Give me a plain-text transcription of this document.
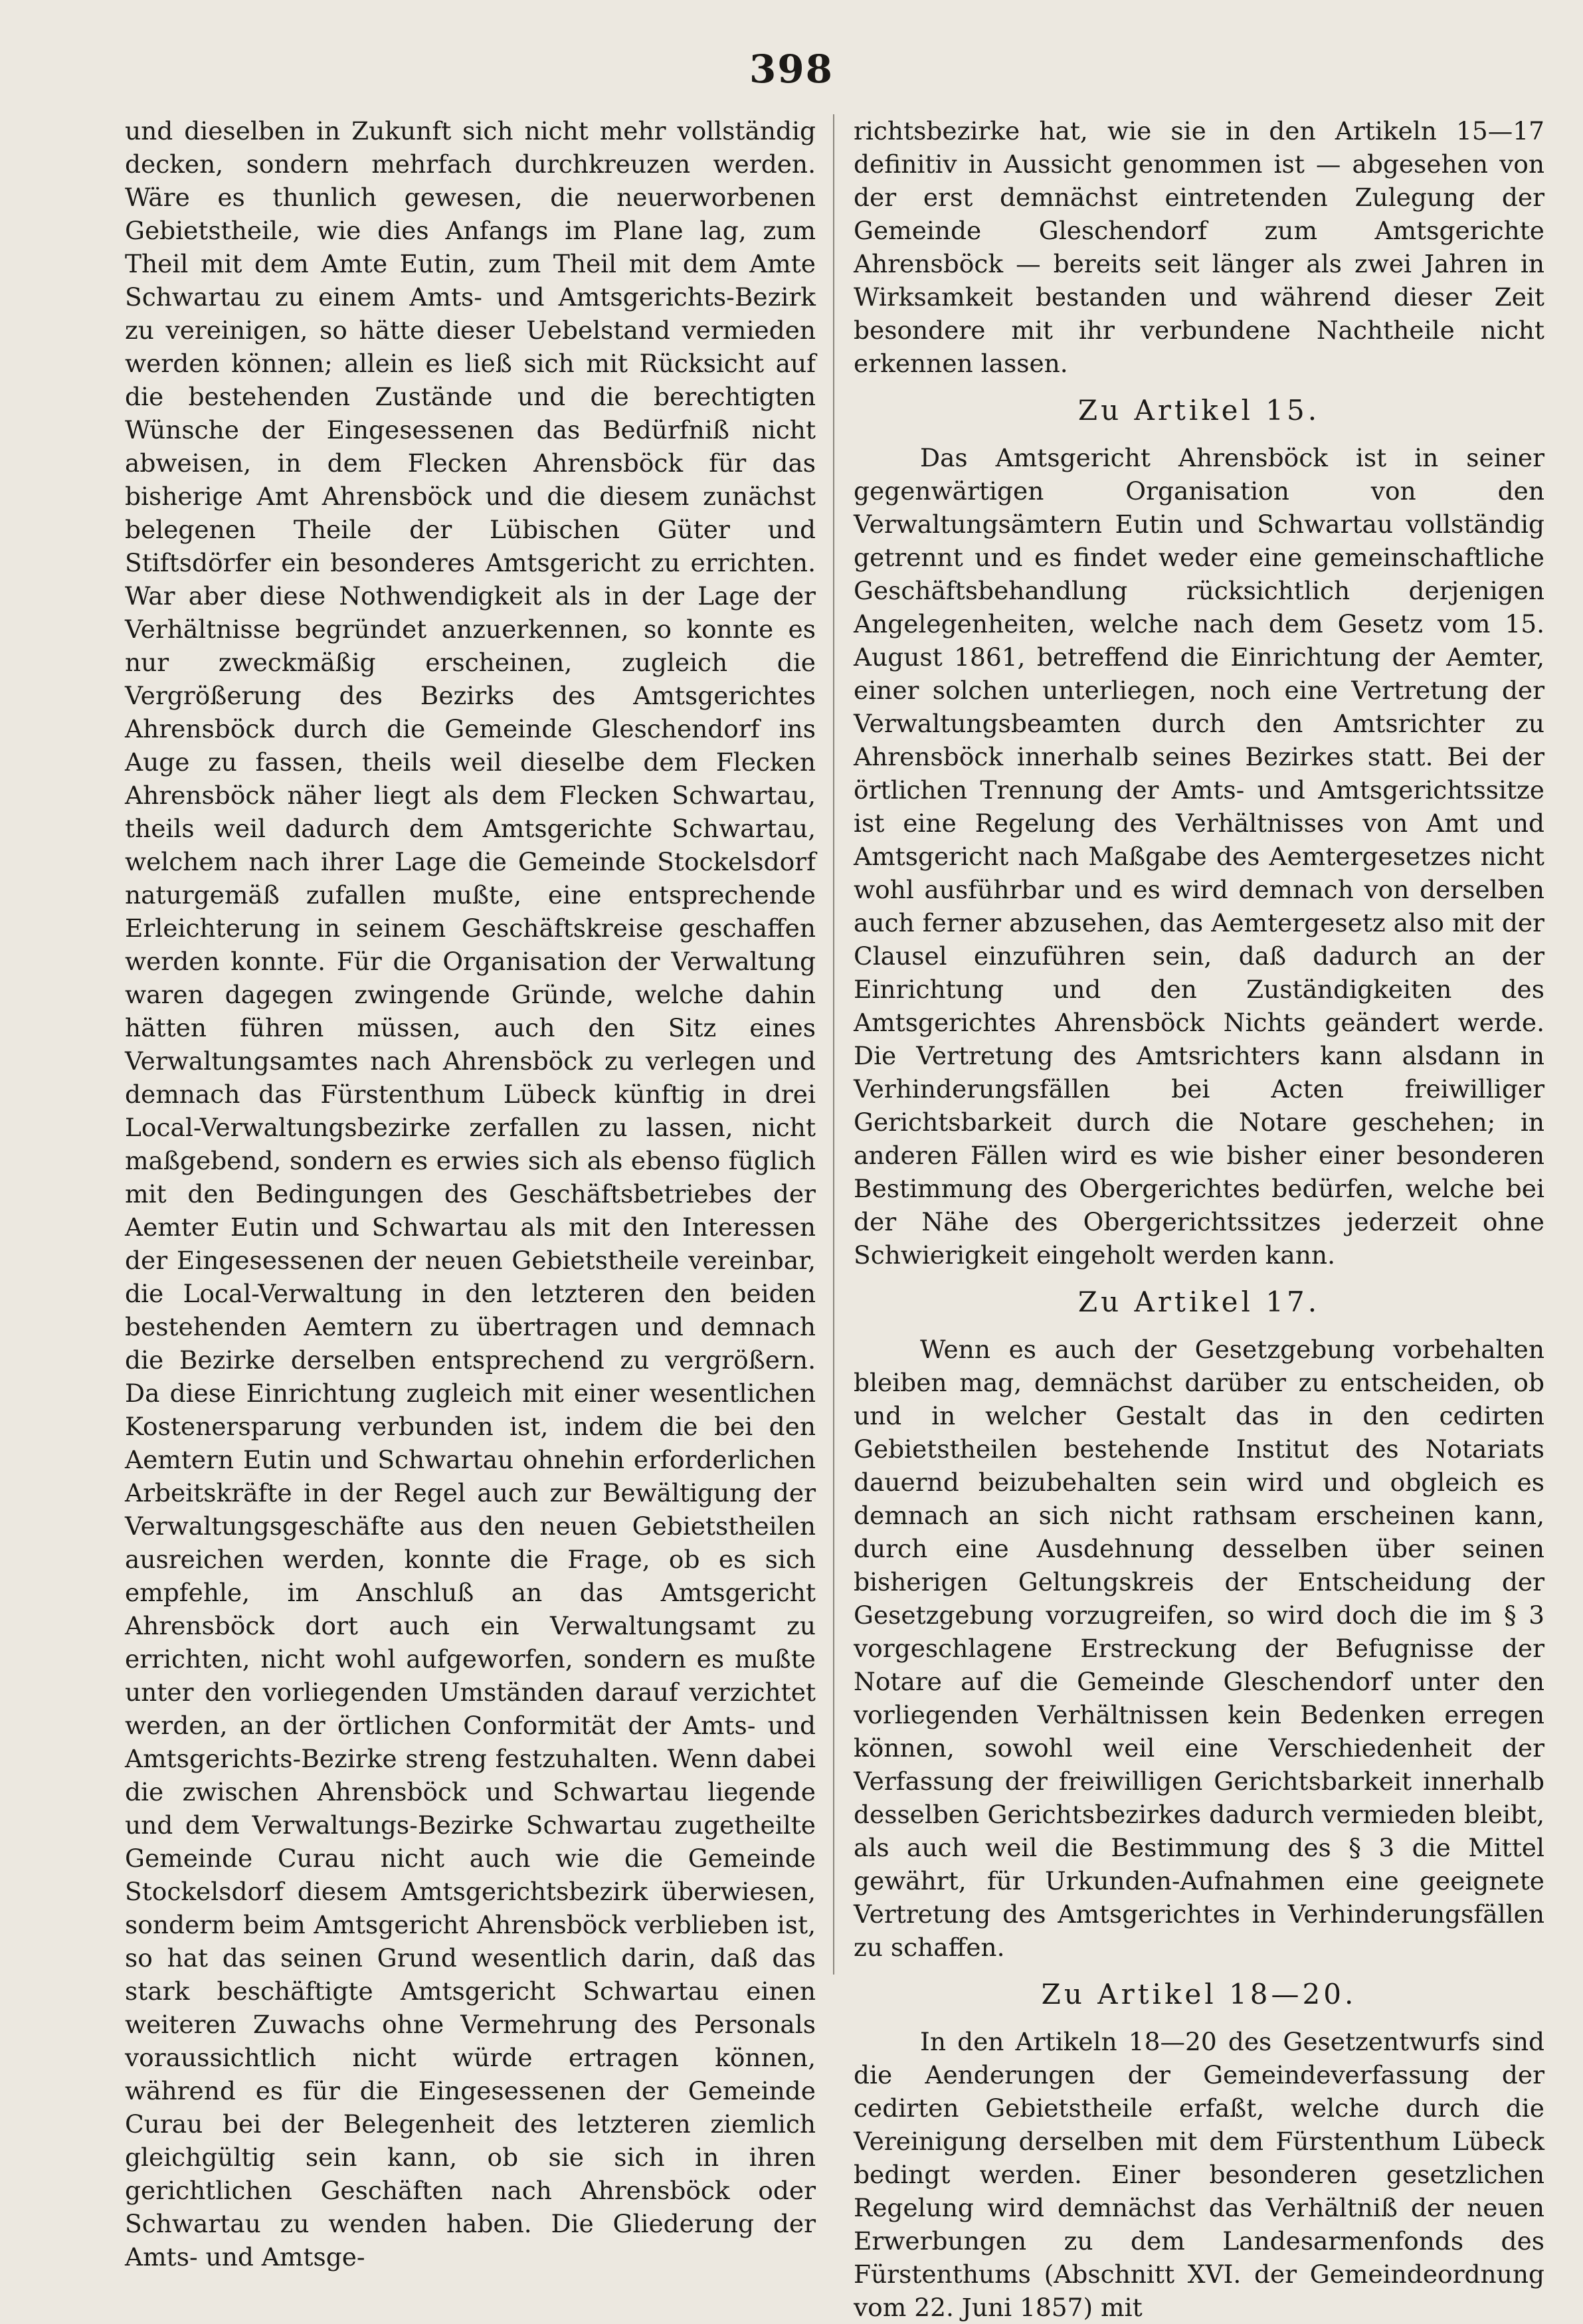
398

und dieselben in Zukunft sich nicht mehr vollständig decken, sondern mehrfach durchkreuzen werden. Wäre es thunlich gewesen, die neuerworbenen Gebietstheile, wie dies Anfangs im Plane lag, zum Theil mit dem Amte Eutin, zum Theil mit dem Amte Schwartau zu einem Amts- und Amtsgerichts-Bezirk zu vereinigen, so hätte dieser Uebelstand vermieden werden können; allein es ließ sich mit Rücksicht auf die bestehenden Zustände und die berechtigten Wünsche der Eingesessenen das Bedürfniß nicht abweisen, in dem Flecken Ahrensböck für das bisherige Amt Ahrensböck und die diesem zunächst belegenen Theile der Lübischen Güter und Stiftsdörfer ein besonderes Amtsgericht zu errichten. War aber diese Nothwendigkeit als in der Lage der Verhältnisse begründet anzuerkennen, so konnte es nur zweckmäßig erscheinen, zugleich die Vergrößerung des Bezirks des Amtsgerichtes Ahrensböck durch die Gemeinde Gleschendorf ins Auge zu fassen, theils weil dieselbe dem Flecken Ahrensböck näher liegt als dem Flecken Schwartau, theils weil dadurch dem Amtsgerichte Schwartau, welchem nach ihrer Lage die Gemeinde Stockelsdorf naturgemäß zufallen mußte, eine entsprechende Erleichterung in seinem Geschäftskreise geschaffen werden konnte. Für die Organisation der Verwaltung waren dagegen zwingende Gründe, welche dahin hätten führen müssen, auch den Sitz eines Verwaltungsamtes nach Ahrensböck zu verlegen und demnach das Fürstenthum Lübeck künftig in drei Local-Verwaltungsbezirke zerfallen zu lassen, nicht maßgebend, sondern es erwies sich als ebenso füglich mit den Bedingungen des Geschäftsbetriebes der Aemter Eutin und Schwartau als mit den Interessen der Eingesessenen der neuen Gebietstheile vereinbar, die Local-Verwaltung in den letzteren den beiden bestehenden Aemtern zu übertragen und demnach die Bezirke derselben entsprechend zu vergrößern. Da diese Einrichtung zugleich mit einer wesentlichen Kostenersparung verbunden ist, indem die bei den Aemtern Eutin und Schwartau ohnehin erforderlichen Arbeitskräfte in der Regel auch zur Bewältigung der Verwaltungsgeschäfte aus den neuen Gebietstheilen ausreichen werden, konnte die Frage, ob es sich empfehle, im Anschluß an das Amtsgericht Ahrensböck dort auch ein Verwaltungsamt zu errichten, nicht wohl aufgeworfen, sondern es mußte unter den vorliegenden Umständen darauf verzichtet werden, an der örtlichen Conformität der Amts- und Amtsgerichts-Bezirke streng festzuhalten. Wenn dabei die zwischen Ahrensböck und Schwartau liegende und dem Verwaltungs-Bezirke Schwartau zugetheilte Gemeinde Curau nicht auch wie die Gemeinde Stockelsdorf diesem Amtsgerichtsbezirk überwiesen, sonderm beim Amtsgericht Ahrensböck verblieben ist, so hat das seinen Grund wesentlich darin, daß das stark beschäftigte Amtsgericht Schwartau einen weiteren Zuwachs ohne Vermehrung des Personals voraussichtlich nicht würde ertragen können, während es für die Eingesessenen der Gemeinde Curau bei der Belegenheit des letzteren ziemlich gleichgültig sein kann, ob sie sich in ihren gerichtlichen Geschäften nach Ahrensböck oder Schwartau zu wenden haben. Die Gliederung der Amts- und Amtsge-

richtsbezirke hat, wie sie in den Artikeln 15—17 definitiv in Aussicht genommen ist — abgesehen von der erst demnächst eintretenden Zulegung der Gemeinde Gleschendorf zum Amtsgerichte Ahrensböck — bereits seit länger als zwei Jahren in Wirksamkeit bestanden und während dieser Zeit besondere mit ihr verbundene Nachtheile nicht erkennen lassen.

Zu Artikel 15.

Das Amtsgericht Ahrensböck ist in seiner gegenwärtigen Organisation von den Verwaltungsämtern Eutin und Schwartau vollständig getrennt und es findet weder eine gemeinschaftliche Geschäftsbehandlung rücksichtlich derjenigen Angelegenheiten, welche nach dem Gesetz vom 15. August 1861, betreffend die Einrichtung der Aemter, einer solchen unterliegen, noch eine Vertretung der Verwaltungsbeamten durch den Amtsrichter zu Ahrensböck innerhalb seines Bezirkes statt. Bei der örtlichen Trennung der Amts- und Amtsgerichtssitze ist eine Regelung des Verhältnisses von Amt und Amtsgericht nach Maßgabe des Aemtergesetzes nicht wohl ausführbar und es wird demnach von derselben auch ferner abzusehen, das Aemtergesetz also mit der Clausel einzuführen sein, daß dadurch an der Einrichtung und den Zuständigkeiten des Amtsgerichtes Ahrensböck Nichts geändert werde. Die Vertretung des Amtsrichters kann alsdann in Verhinderungsfällen bei Acten freiwilliger Gerichtsbarkeit durch die Notare geschehen; in anderen Fällen wird es wie bisher einer besonderen Bestimmung des Obergerichtes bedürfen, welche bei der Nähe des Obergerichtssitzes jederzeit ohne Schwierigkeit eingeholt werden kann.

Zu Artikel 17.

Wenn es auch der Gesetzgebung vorbehalten bleiben mag, demnächst darüber zu entscheiden, ob und in welcher Gestalt das in den cedirten Gebietstheilen bestehende Institut des Notariats dauernd beizubehalten sein wird und obgleich es demnach an sich nicht rathsam erscheinen kann, durch eine Ausdehnung desselben über seinen bisherigen Geltungskreis der Entscheidung der Gesetzgebung vorzugreifen, so wird doch die im § 3 vorgeschlagene Erstreckung der Befugnisse der Notare auf die Gemeinde Gleschendorf unter den vorliegenden Verhältnissen kein Bedenken erregen können, sowohl weil eine Verschiedenheit der Verfassung der freiwilligen Gerichtsbarkeit innerhalb desselben Gerichtsbezirkes dadurch vermieden bleibt, als auch weil die Bestimmung des § 3 die Mittel gewährt, für Urkunden-Aufnahmen eine geeignete Vertretung des Amtsgerichtes in Verhinderungsfällen zu schaffen.

Zu Artikel 18—20.

In den Artikeln 18—20 des Gesetzentwurfs sind die Aenderungen der Gemeindeverfassung der cedirten Gebietstheile erfaßt, welche durch die Vereinigung derselben mit dem Fürstenthum Lübeck bedingt werden. Einer besonderen gesetzlichen Regelung wird demnächst das Verhältniß der neuen Erwerbungen zu dem Landesarmenfonds des Fürstenthums (Abschnitt XVI. der Gemeindeordnung vom 22. Juni 1857) mit
